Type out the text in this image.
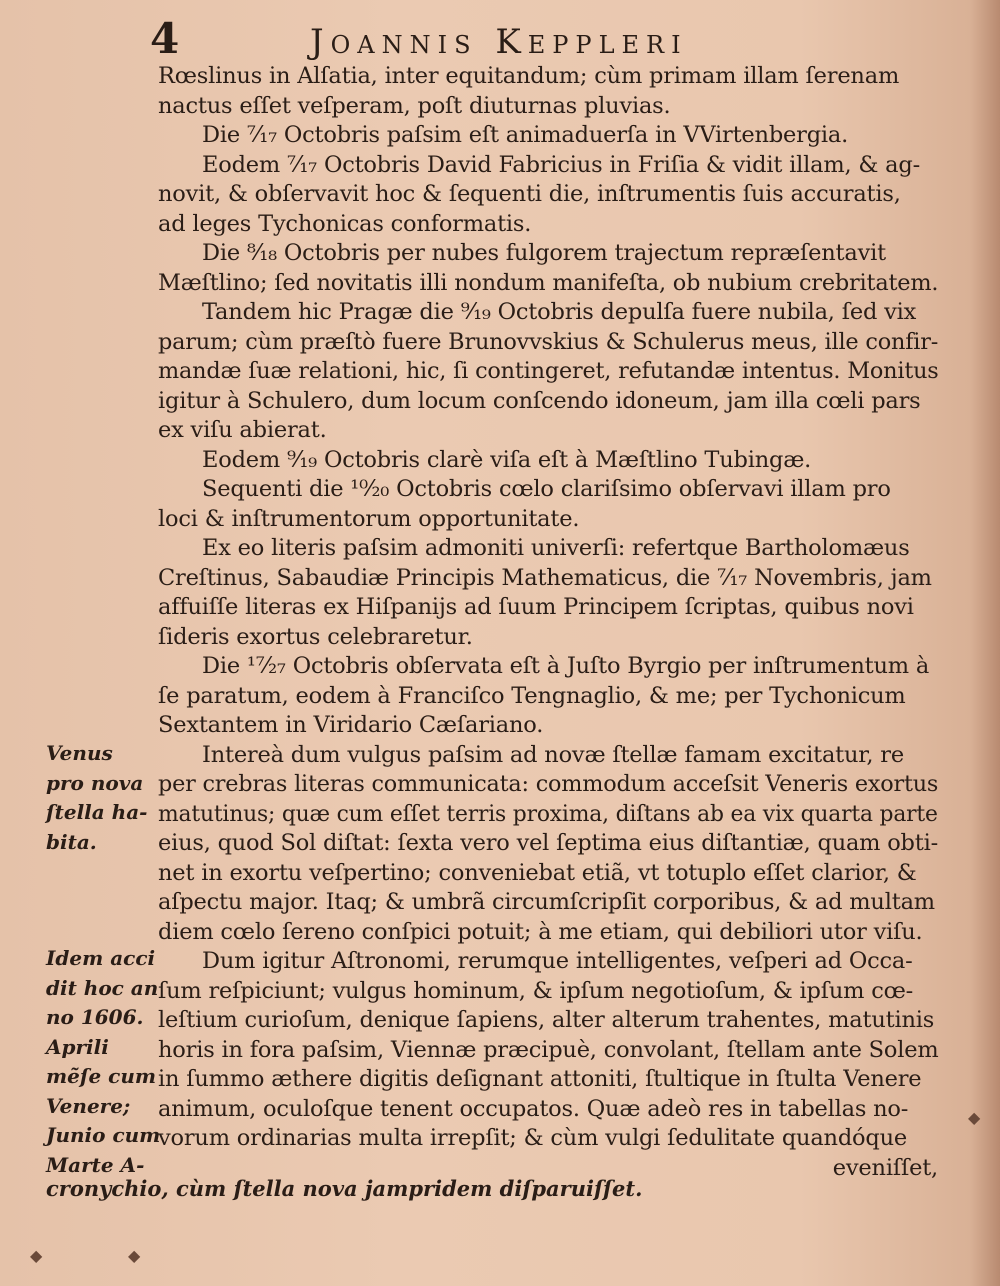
4	Joannis Kepplerі
Rœslinus in Alſatia, inter equitandum; cùm primam illam ſerenam
nactus eſſet veſperam, poſt diuturnas pluvias.
Die ⁷⁄₁₇ Octobris paſsim eſt animaduerſa in VVirtenbergia.
Eodem ⁷⁄₁₇ Octobris David Fabricius in Friſia & vidit illam, & ag-
novit, & obſervavit hoc & ſequenti die, inſtrumentis ſuis accuratis,
ad leges Tychonicas conformatis.
Die ⁸⁄₁₈ Octobris per nubes fulgorem trajectum repræſentavit
Mæſtlino; ſed novitatis illi nondum manifeſta, ob nubium crebritatem.
Tandem hic Pragæ die ⁹⁄₁₉ Octobris depulſa fuere nubila, ſed vix
parum; cùm præſtò fuere Brunovvskius & Schulerus meus, ille confir-
mandæ ſuæ relationi, hic, ſi contingeret, refutandæ intentus. Monitus
igitur à Schulero, dum locum conſcendo idoneum, jam illa cœli pars
ex viſu abierat.
Eodem ⁹⁄₁₉ Octobris clarè viſa eſt à Mæſtlino Tubingæ.
Sequenti die ¹⁰⁄₂₀ Octobris cœlo clariſsimo obſervavi illam pro
loci & inſtrumentorum opportunitate.
Ex eo literis paſsim admoniti univerſi: refertque Bartholomæus
Creſtinus, Sabaudiæ Principis Mathematicus, die ⁷⁄₁₇ Novembris, jam
affuiſſe literas ex Hiſpanijs ad ſuum Principem ſcriptas, quibus novi
ſideris exortus celebraretur.
Die ¹⁷⁄₂₇ Octobris obſervata eſt à Juſto Byrgio per inſtrumentum à
ſe paratum, eodem à Franciſco Tengnaglio, & me; per Tychonicum
Sextantem in Viridario Cæſariano.
Intereà dum vulgus paſsim ad novæ ſtellæ famam excitatur, re
per crebras literas communicata: commodum acceſsit Veneris exortus
matutinus; quæ cum eſſet terris proxima, diſtans ab ea vix quarta parte
eius, quod Sol diſtat: ſexta vero vel ſeptima eius diſtantiæ, quam obti-
net in exortu veſpertino; conveniebat etiã, vt totuplo eſſet clarior, &
aſpectu major. Itaq; & umbrã circumſcripſit corporibus, & ad multam
diem cœlo ſereno conſpici potuit; à me etiam, qui debiliori utor viſu.
Dum igitur Aſtronomi, rerumque intelligentes, veſperi ad Occa-
ſum reſpiciunt; vulgus hominum, & ipſum negotioſum, & ipſum cœ-
leſtium curioſum, denique ſapiens, alter alterum trahentes, matutinis
horis in fora paſsim, Viennæ præcipuè, convolant, ſtellam ante Solem
in ſummo æthere digitis deſignant attoniti, ſtultique in ſtulta Venere
animum, oculoſque tenent occupatos. Quæ adeò res in tabellas no-
vorum ordinarias multa irrepſit; & cùm vulgi ſedulitate quandóque
eveniſſet,
Venus
pro nova
ſtella ha-
bita.
Idem acci
dit hoc an
no 1606.
Aprili
mẽſe cum
Venere;
Junio cum
Marte A-
cronychio, cùm ſtella nova jampridem diſparuiſſet.
◆	◆
◆
